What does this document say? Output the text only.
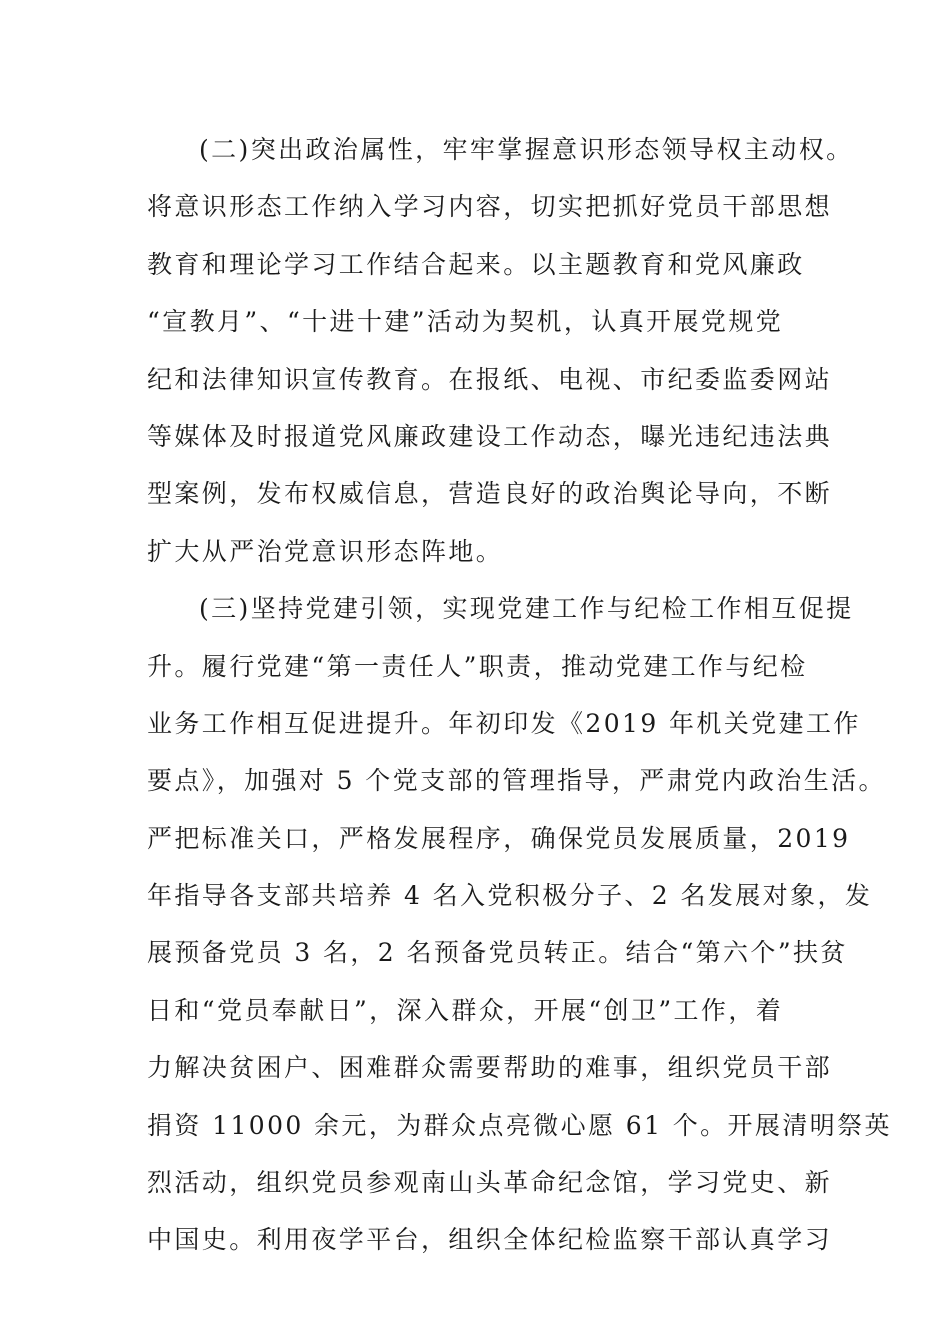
(二)突出政治属性，牢牢掌握意识形态领导权主动权。
将意识形态工作纳入学习内容，切实把抓好党员干部思想
教育和理论学习工作结合起来。以主题教育和党风廉政
“宣教月”、“十进十建”活动为契机，认真开展党规党
纪和法律知识宣传教育。在报纸、电视、市纪委监委网站
等媒体及时报道党风廉政建设工作动态，曝光违纪违法典
型案例，发布权威信息，营造良好的政治舆论导向，不断
扩大从严治党意识形态阵地。
(三)坚持党建引领，实现党建工作与纪检工作相互促提
升。履行党建“第一责任人”职责，推动党建工作与纪检
业务工作相互促进提升。年初印发《2019 年机关党建工作
要点》，加强对 5 个党支部的管理指导，严肃党内政治生活。
严把标准关口，严格发展程序，确保党员发展质量，2019
年指导各支部共培养 4 名入党积极分子、2 名发展对象，发
展预备党员 3 名，2 名预备党员转正。结合“第六个”扶贫
日和“党员奉献日”，深入群众，开展“创卫”工作，着
力解决贫困户、困难群众需要帮助的难事，组织党员干部
捐资 11000 余元，为群众点亮微心愿 61 个。开展清明祭英
烈活动，组织党员参观南山头革命纪念馆，学习党史、新
中国史。利用夜学平台，组织全体纪检监察干部认真学习
